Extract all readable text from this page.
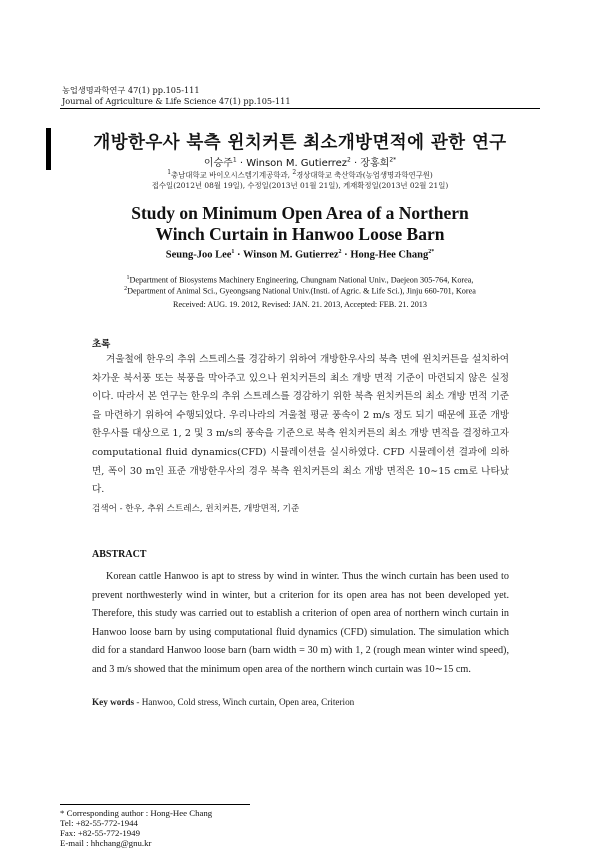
농업생명과학연구 47(1) pp.105-111
Journal of Agriculture & Life Science 47(1) pp.105-111
개방한우사 북측 윈치커튼 최소개방면적에 관한 연구
이승주$^1$ · Winson M. Gutierrez$^2$ · 장홍희$^{2*}$
$^1$충남대학교 바이오시스템기계공학과, $^2$경상대학교 축산학과(농업생명과학연구원)
접수일(2012년 08월 19일), 수정일(2013년 01월 21일), 게재확정일(2013년 02월 21일)
Study on Minimum Open Area of a Northern Winch Curtain in Hanwoo Loose Barn
Seung-Joo Lee$^1$ · Winson M. Gutierrez$^2$ · Hong-Hee Chang$^{2*}$
$^1$Department of Biosystems Machinery Engineering, Chungnam National Univ., Daejeon 305-764, Korea,
$^2$Department of Animal Sci., Gyeongsang National Univ.(Insti. of Agric. & Life Sci.), Jinju 660-701, Korea
Received: AUG. 19. 2012, Revised: JAN. 21. 2013, Accepted: FEB. 21. 2013
초록
겨울철에 한우의 추위 스트레스를 경감하기 위하여 개방한우사의 북측 면에 윈치커튼을 설치하여 차가운 북서풍 또는 북풍을 막아주고 있으나 윈치커튼의 최소 개방 면적 기준이 마련되지 않은 실정이다. 따라서 본 연구는 한우의 추위 스트레스를 경감하기 위한 북측 윈치커튼의 최소 개방 면적 기준을 마련하기 위하여 수행되었다. 우리나라의 겨울철 평균 풍속이 2 m/s 정도 되기 때문에 표준 개방한우사를 대상으로 1, 2 및 3 m/s의 풍속을 기준으로 북측 윈치커튼의 최소 개방 면적을 결정하고자 computational fluid dynamics(CFD) 시뮬레이션을 실시하였다. CFD 시뮬레이션 결과에 의하면, 폭이 30 m인 표준 개방한우사의 경우 북측 윈치커튼의 최소 개방 면적은 10∼15 cm로 나타났다.
검색어 - 한우, 추위 스트레스, 윈치커튼, 개방면적, 기준
ABSTRACT
Korean cattle Hanwoo is apt to stress by wind in winter. Thus the winch curtain has been used to prevent northwesterly wind in winter, but a criterion for its open area has not been developed yet. Therefore, this study was carried out to establish a criterion of open area of northern winch curtain in Hanwoo loose barn by using computational fluid dynamics (CFD) simulation. The simulation which did for a standard Hanwoo loose barn (barn width = 30 m) with 1, 2 (rough mean winter wind speed), and 3 m/s showed that the minimum open area of the northern winch curtain was 10∼15 cm.
Key words - Hanwoo, Cold stress, Winch curtain, Open area, Criterion
* Corresponding author : Hong-Hee Chang
Tel: +82-55-772-1944
Fax: +82-55-772-1949
E-mail : hhchang@gnu.kr
